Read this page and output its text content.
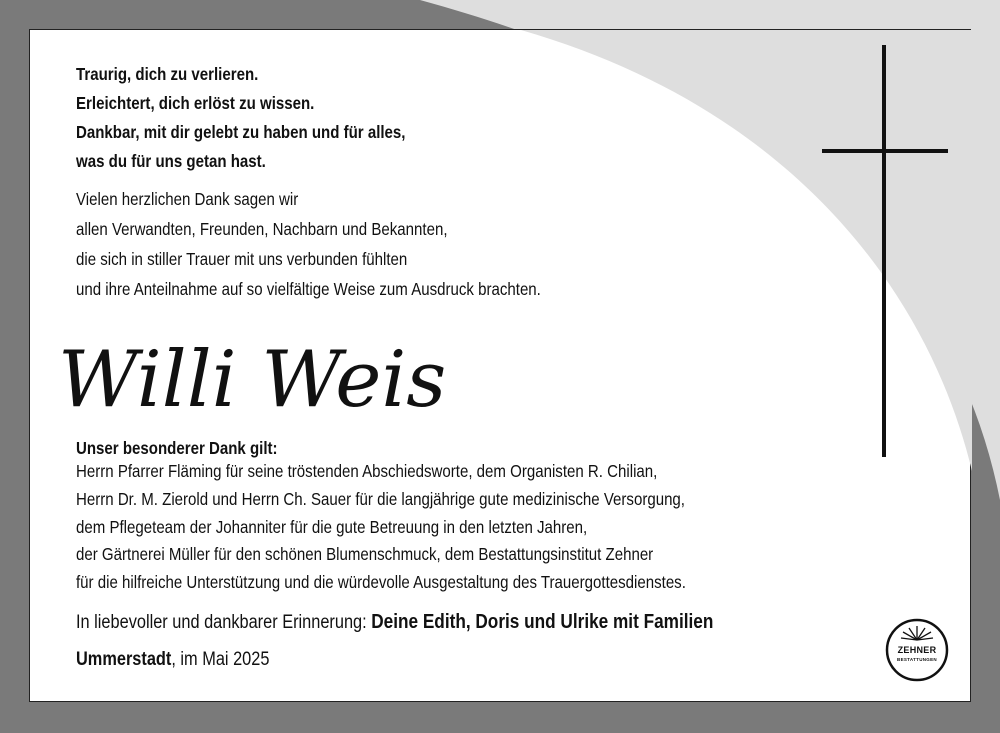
Traurig, dich zu verlieren.
Erleichtert, dich erlöst zu wissen.
Dankbar, mit dir gelebt zu haben und für alles,
was du für uns getan hast.
Vielen herzlichen Dank sagen wir
allen Verwandten, Freunden, Nachbarn und Bekannten,
die sich in stiller Trauer mit uns verbunden fühlten
und ihre Anteilnahme auf so vielfältige Weise zum Ausdruck brachten.
Willi Weis
Unser besonderer Dank gilt:
Herrn Pfarrer Fläming für seine tröstenden Abschiedsworte, dem Organisten R. Chilian,
Herrn Dr. M. Zierold und Herrn Ch. Sauer für die langjährige gute medizinische Versorgung,
dem Pflegeteam der Johanniter für die gute Betreuung in den letzten Jahren,
der Gärtnerei Müller für den schönen Blumenschmuck, dem Bestattungsinstitut Zehner
für die hilfreiche Unterstützung und die würdevolle Ausgestaltung des Trauergottesdienstes.
In liebevoller und dankbarer Erinnerung: Deine Edith, Doris und Ulrike mit Familien
Ummerstadt, im Mai 2025	ZEHNER
BESTATTUNGEN
